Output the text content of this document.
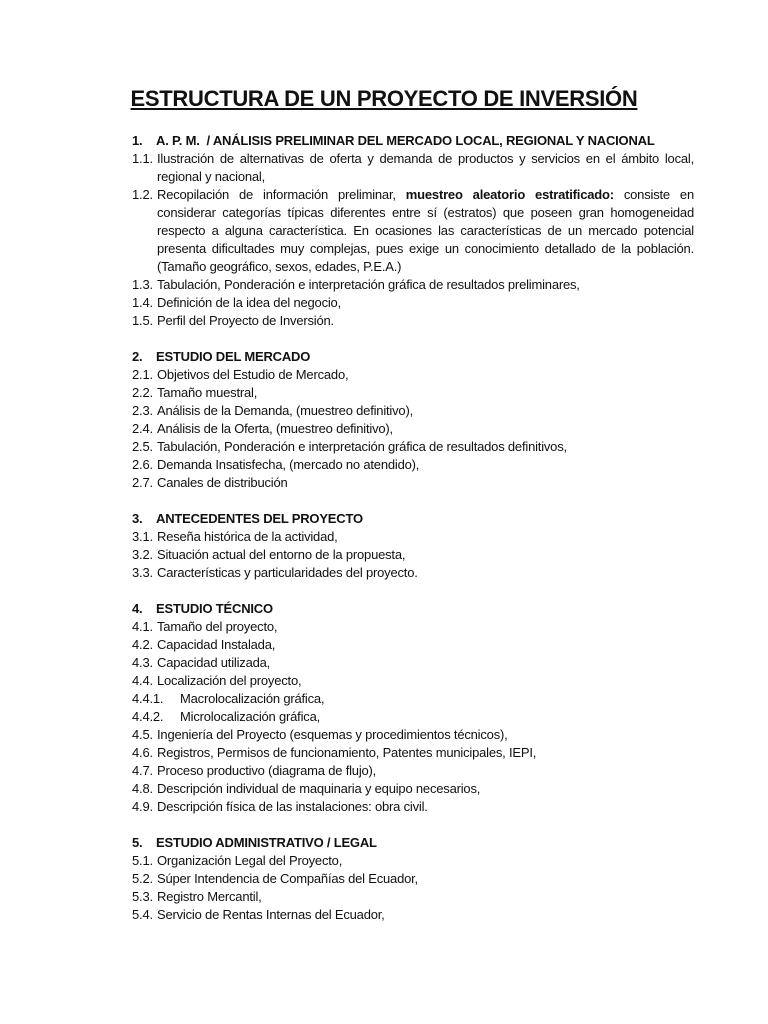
ESTRUCTURA DE UN PROYECTO DE INVERSIÓN
1.	A. P. M.  / ANÁLISIS PRELIMINAR DEL MERCADO LOCAL, REGIONAL Y NACIONAL
1.1. Ilustración de alternativas de oferta y demanda de productos y servicios en el ámbito local, regional y nacional,
1.2. Recopilación de información preliminar, muestreo aleatorio estratificado: consiste en considerar categorías típicas diferentes entre sí (estratos) que poseen gran homogeneidad respecto a alguna característica. En ocasiones las características de un mercado potencial presenta dificultades muy complejas, pues exige un conocimiento detallado de la población. (Tamaño geográfico, sexos, edades, P.E.A.)
1.3. Tabulación, Ponderación e interpretación gráfica de resultados preliminares,
1.4. Definición de la idea del negocio,
1.5. Perfil del Proyecto de Inversión.
2.	ESTUDIO DEL MERCADO
2.1. Objetivos del Estudio de Mercado,
2.2. Tamaño muestral,
2.3. Análisis de la Demanda, (muestreo definitivo),
2.4. Análisis de la Oferta, (muestreo definitivo),
2.5. Tabulación, Ponderación e interpretación gráfica de resultados definitivos,
2.6. Demanda Insatisfecha, (mercado no atendido),
2.7. Canales de distribución
3.	ANTECEDENTES DEL PROYECTO
3.1. Reseña histórica de la actividad,
3.2. Situación actual del entorno de la propuesta,
3.3. Características y particularidades del proyecto.
4.	ESTUDIO TÉCNICO
4.1. Tamaño del proyecto,
4.2. Capacidad Instalada,
4.3. Capacidad utilizada,
4.4. Localización del proyecto,
4.4.1.	Macrolocalización gráfica,
4.4.2.	Microlocalización gráfica,
4.5. Ingeniería del Proyecto (esquemas y procedimientos técnicos),
4.6. Registros, Permisos de funcionamiento, Patentes municipales, IEPI,
4.7. Proceso productivo (diagrama de flujo),
4.8. Descripción individual de maquinaria y equipo necesarios,
4.9. Descripción física de las instalaciones: obra civil.
5.	ESTUDIO ADMINISTRATIVO / LEGAL
5.1. Organización Legal del Proyecto,
5.2. Súper Intendencia de Compañías del Ecuador,
5.3. Registro Mercantil,
5.4. Servicio de Rentas Internas del Ecuador,
